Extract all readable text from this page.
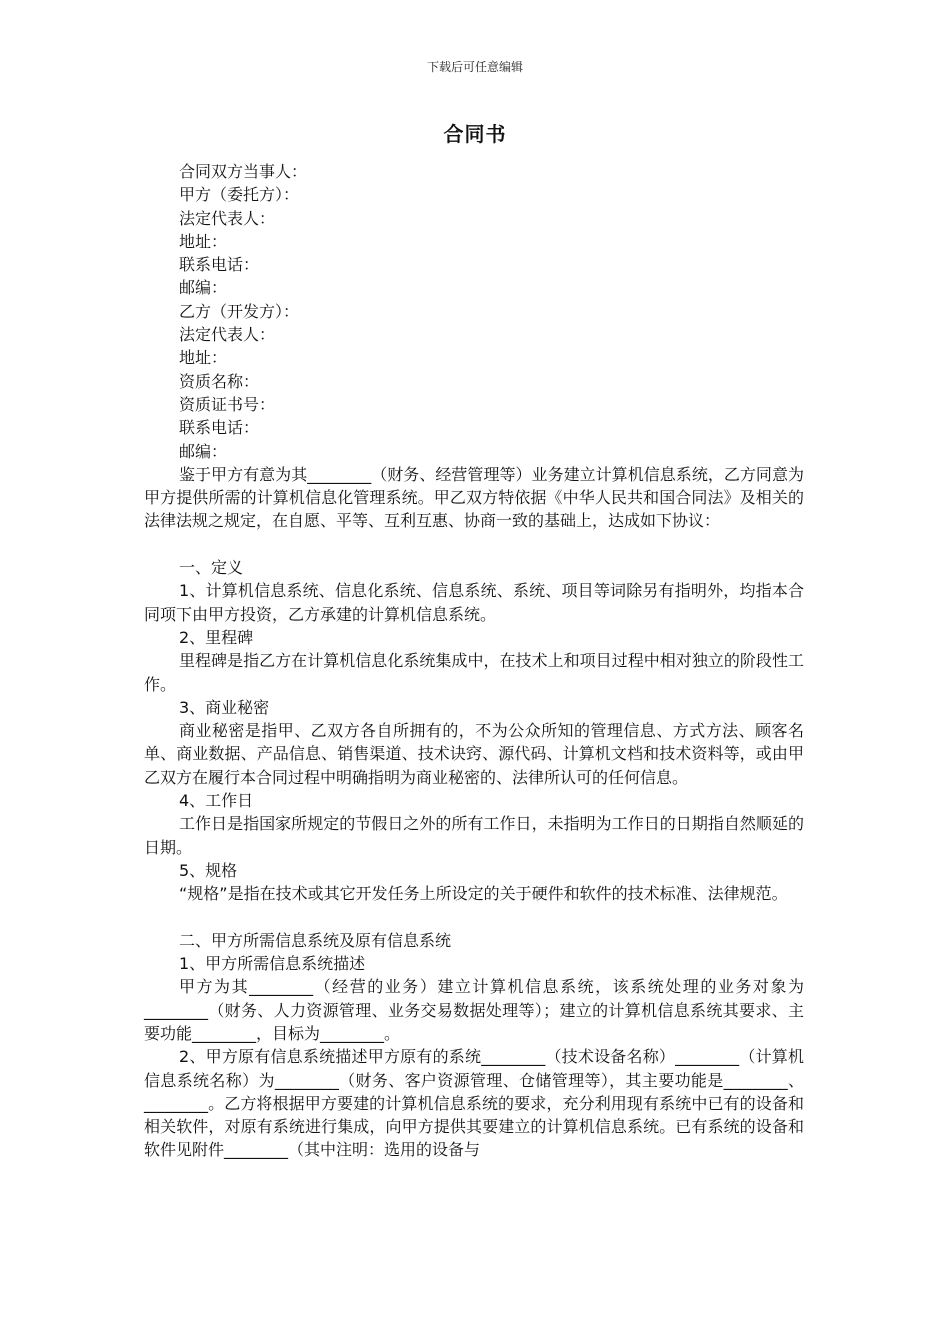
下载后可任意编辑
合同书
合同双方当事人：
甲方（委托方）：
法定代表人：
地址：
联系电话：
邮编：
乙方（开发方）：
法定代表人：
地址：
资质名称：
资质证书号：
联系电话：
邮编：

鉴于甲方有意为其________（财务、经营管理等）业务建立计算机信息系统，乙方同意为甲方提供所需的计算机信息化管理系统。甲乙双方特依据《中华人民共和国合同法》及相关的法律法规之规定，在自愿、平等、互利互惠、协商一致的基础上，达成如下协议：

一、定义

1、计算机信息系统、信息化系统、信息系统、系统、项目等词除另有指明外，均指本合同项下由甲方投资，乙方承建的计算机信息系统。

2、里程碑

里程碑是指乙方在计算机信息化系统集成中，在技术上和项目过程中相对独立的阶段性工作。

3、商业秘密

商业秘密是指甲、乙双方各自所拥有的，不为公众所知的管理信息、方式方法、顾客名单、商业数据、产品信息、销售渠道、技术诀窍、源代码、计算机文档和技术资料等，或由甲乙双方在履行本合同过程中明确指明为商业秘密的、法律所认可的任何信息。

4、工作日

工作日是指国家所规定的节假日之外的所有工作日，未指明为工作日的日期指自然顺延的日期。

5、规格

“规格”是指在技术或其它开发任务上所设定的关于硬件和软件的技术标准、法律规范。

二、甲方所需信息系统及原有信息系统
1、甲方所需信息系统描述

甲方为其________（经营的业务）建立计算机信息系统，该系统处理的业务对象为 ________（财务、人力资源管理、业务交易数据处理等）；建立的计算机信息系统其要求、主要功能________，目标为________。

2、甲方原有信息系统描述甲方原有的系统________（技术设备名称）________（计算机信息系统名称）为________（财务、客户资源管理、仓储管理等），其主要功能是________、________。乙方将根据甲方要建的计算机信息系统的要求，充分利用现有系统中已有的设备和相关软件，对原有系统进行集成，向甲方提供其要建立的计算机信息系统。已有系统的设备和软件见附件________（其中注明：选用的设备与
